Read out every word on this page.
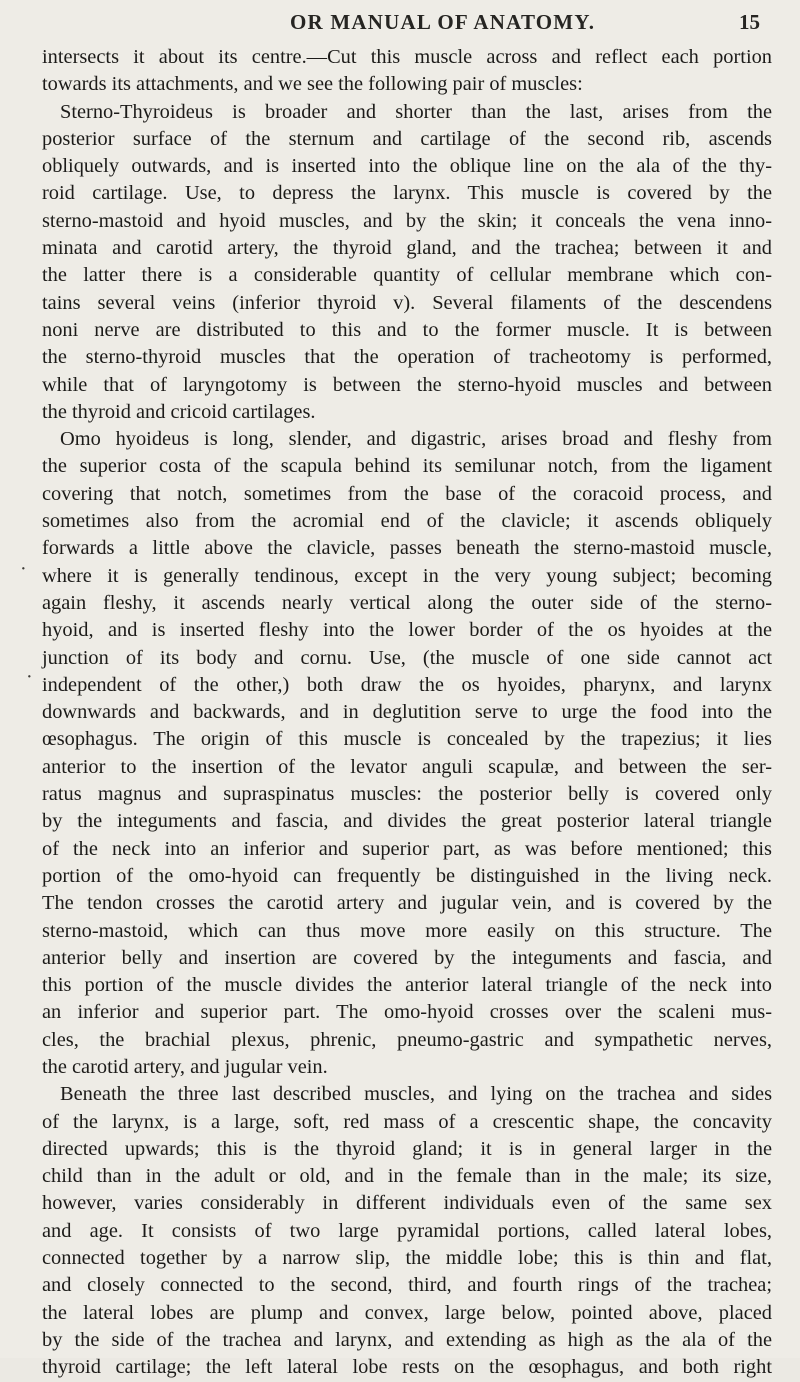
OR MANUAL OF ANATOMY.	15
·
·
intersects it about its centre.—Cut this muscle across and reflect each portion
towards its attachments, and we see the following pair of muscles:
Sterno-Thyroideus is broader and shorter than the last, arises from the
posterior surface of the sternum and cartilage of the second rib, ascends
obliquely outwards, and is inserted into the oblique line on the ala of the thy-
roid cartilage. Use, to depress the larynx. This muscle is covered by the
sterno-mastoid and hyoid muscles, and by the skin; it conceals the vena inno-
minata and carotid artery, the thyroid gland, and the trachea; between it and
the latter there is a considerable quantity of cellular membrane which con-
tains several veins (inferior thyroid v). Several filaments of the descendens
noni nerve are distributed to this and to the former muscle. It is between
the sterno-thyroid muscles that the operation of tracheotomy is performed,
while that of laryngotomy is between the sterno-hyoid muscles and between
the thyroid and cricoid cartilages.
Omo hyoideus is long, slender, and digastric, arises broad and fleshy from
the superior costa of the scapula behind its semilunar notch, from the ligament
covering that notch, sometimes from the base of the coracoid process, and
sometimes also from the acromial end of the clavicle; it ascends obliquely
forwards a little above the clavicle, passes beneath the sterno-mastoid muscle,
where it is generally tendinous, except in the very young subject; becoming
again fleshy, it ascends nearly vertical along the outer side of the sterno-
hyoid, and is inserted fleshy into the lower border of the os hyoides at the
junction of its body and cornu. Use, (the muscle of one side cannot act
independent of the other,) both draw the os hyoides, pharynx, and larynx
downwards and backwards, and in deglutition serve to urge the food into the
œsophagus. The origin of this muscle is concealed by the trapezius; it lies
anterior to the insertion of the levator anguli scapulæ, and between the ser-
ratus magnus and supraspinatus muscles: the posterior belly is covered only
by the integuments and fascia, and divides the great posterior lateral triangle
of the neck into an inferior and superior part, as was before mentioned; this
portion of the omo-hyoid can frequently be distinguished in the living neck.
The tendon crosses the carotid artery and jugular vein, and is covered by the
sterno-mastoid, which can thus move more easily on this structure. The
anterior belly and insertion are covered by the integuments and fascia, and
this portion of the muscle divides the anterior lateral triangle of the neck into
an inferior and superior part. The omo-hyoid crosses over the scaleni mus-
cles, the brachial plexus, phrenic, pneumo-gastric and sympathetic nerves,
the carotid artery, and jugular vein.
Beneath the three last described muscles, and lying on the trachea and sides
of the larynx, is a large, soft, red mass of a crescentic shape, the concavity
directed upwards; this is the thyroid gland; it is in general larger in the
child than in the adult or old, and in the female than in the male; its size,
however, varies considerably in different individuals even of the same sex
and age. It consists of two large pyramidal portions, called lateral lobes,
connected together by a narrow slip, the middle lobe; this is thin and flat,
and closely connected to the second, third, and fourth rings of the trachea;
the lateral lobes are plump and convex, large below, pointed above, placed
by the side of the trachea and larynx, and extending as high as the ala of the
thyroid cartilage; the left lateral lobe rests on the œsophagus, and both right
